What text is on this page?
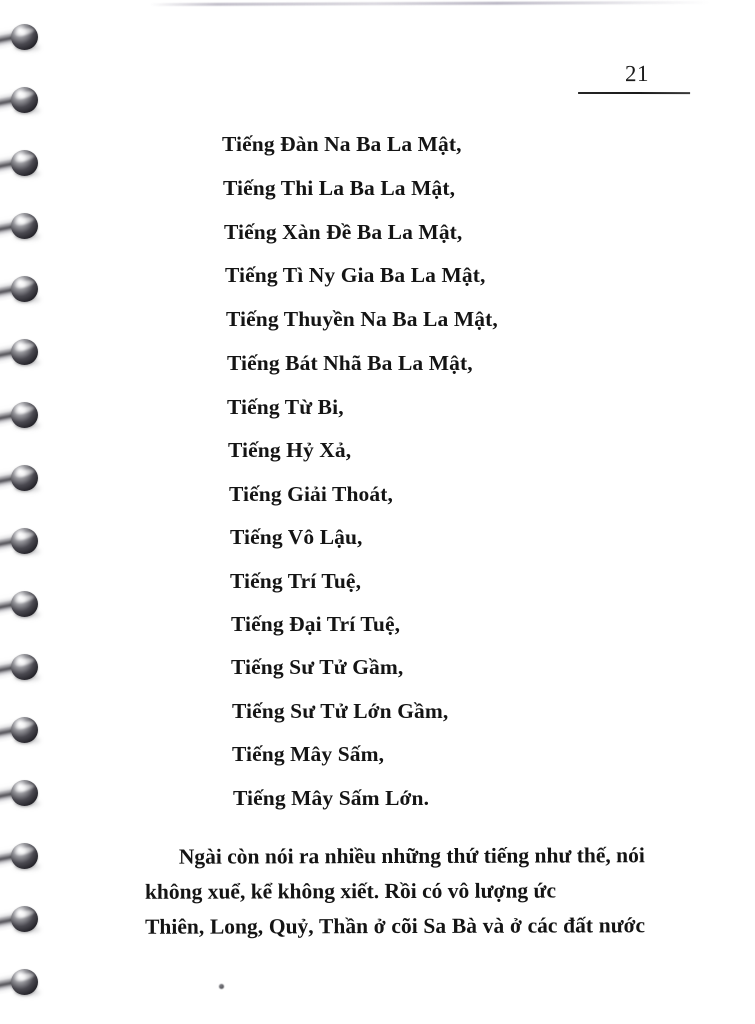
21
Tiếng Đàn Na Ba La Mật,
Tiếng Thi La Ba La Mật,
Tiếng Xàn Đề Ba La Mật,
Tiếng Tì Ny Gia Ba La Mật,
Tiếng Thuyền Na Ba La Mật,
Tiếng Bát Nhã Ba La Mật,
Tiếng Từ Bi,
Tiếng Hỷ Xả,
Tiếng Giải Thoát,
Tiếng Vô Lậu,
Tiếng Trí Tuệ,
Tiếng Đại Trí Tuệ,
Tiếng Sư Tử Gầm,
Tiếng Sư Tử Lớn Gầm,
Tiếng Mây Sấm,
Tiếng Mây Sấm Lớn.

Ngài còn nói ra nhiều những thứ tiếng như thế, nói không xuể, kể không xiết. Rồi có vô lượng ức
Thiên, Long, Quỷ, Thần ở cõi Sa Bà và ở các đất nước
